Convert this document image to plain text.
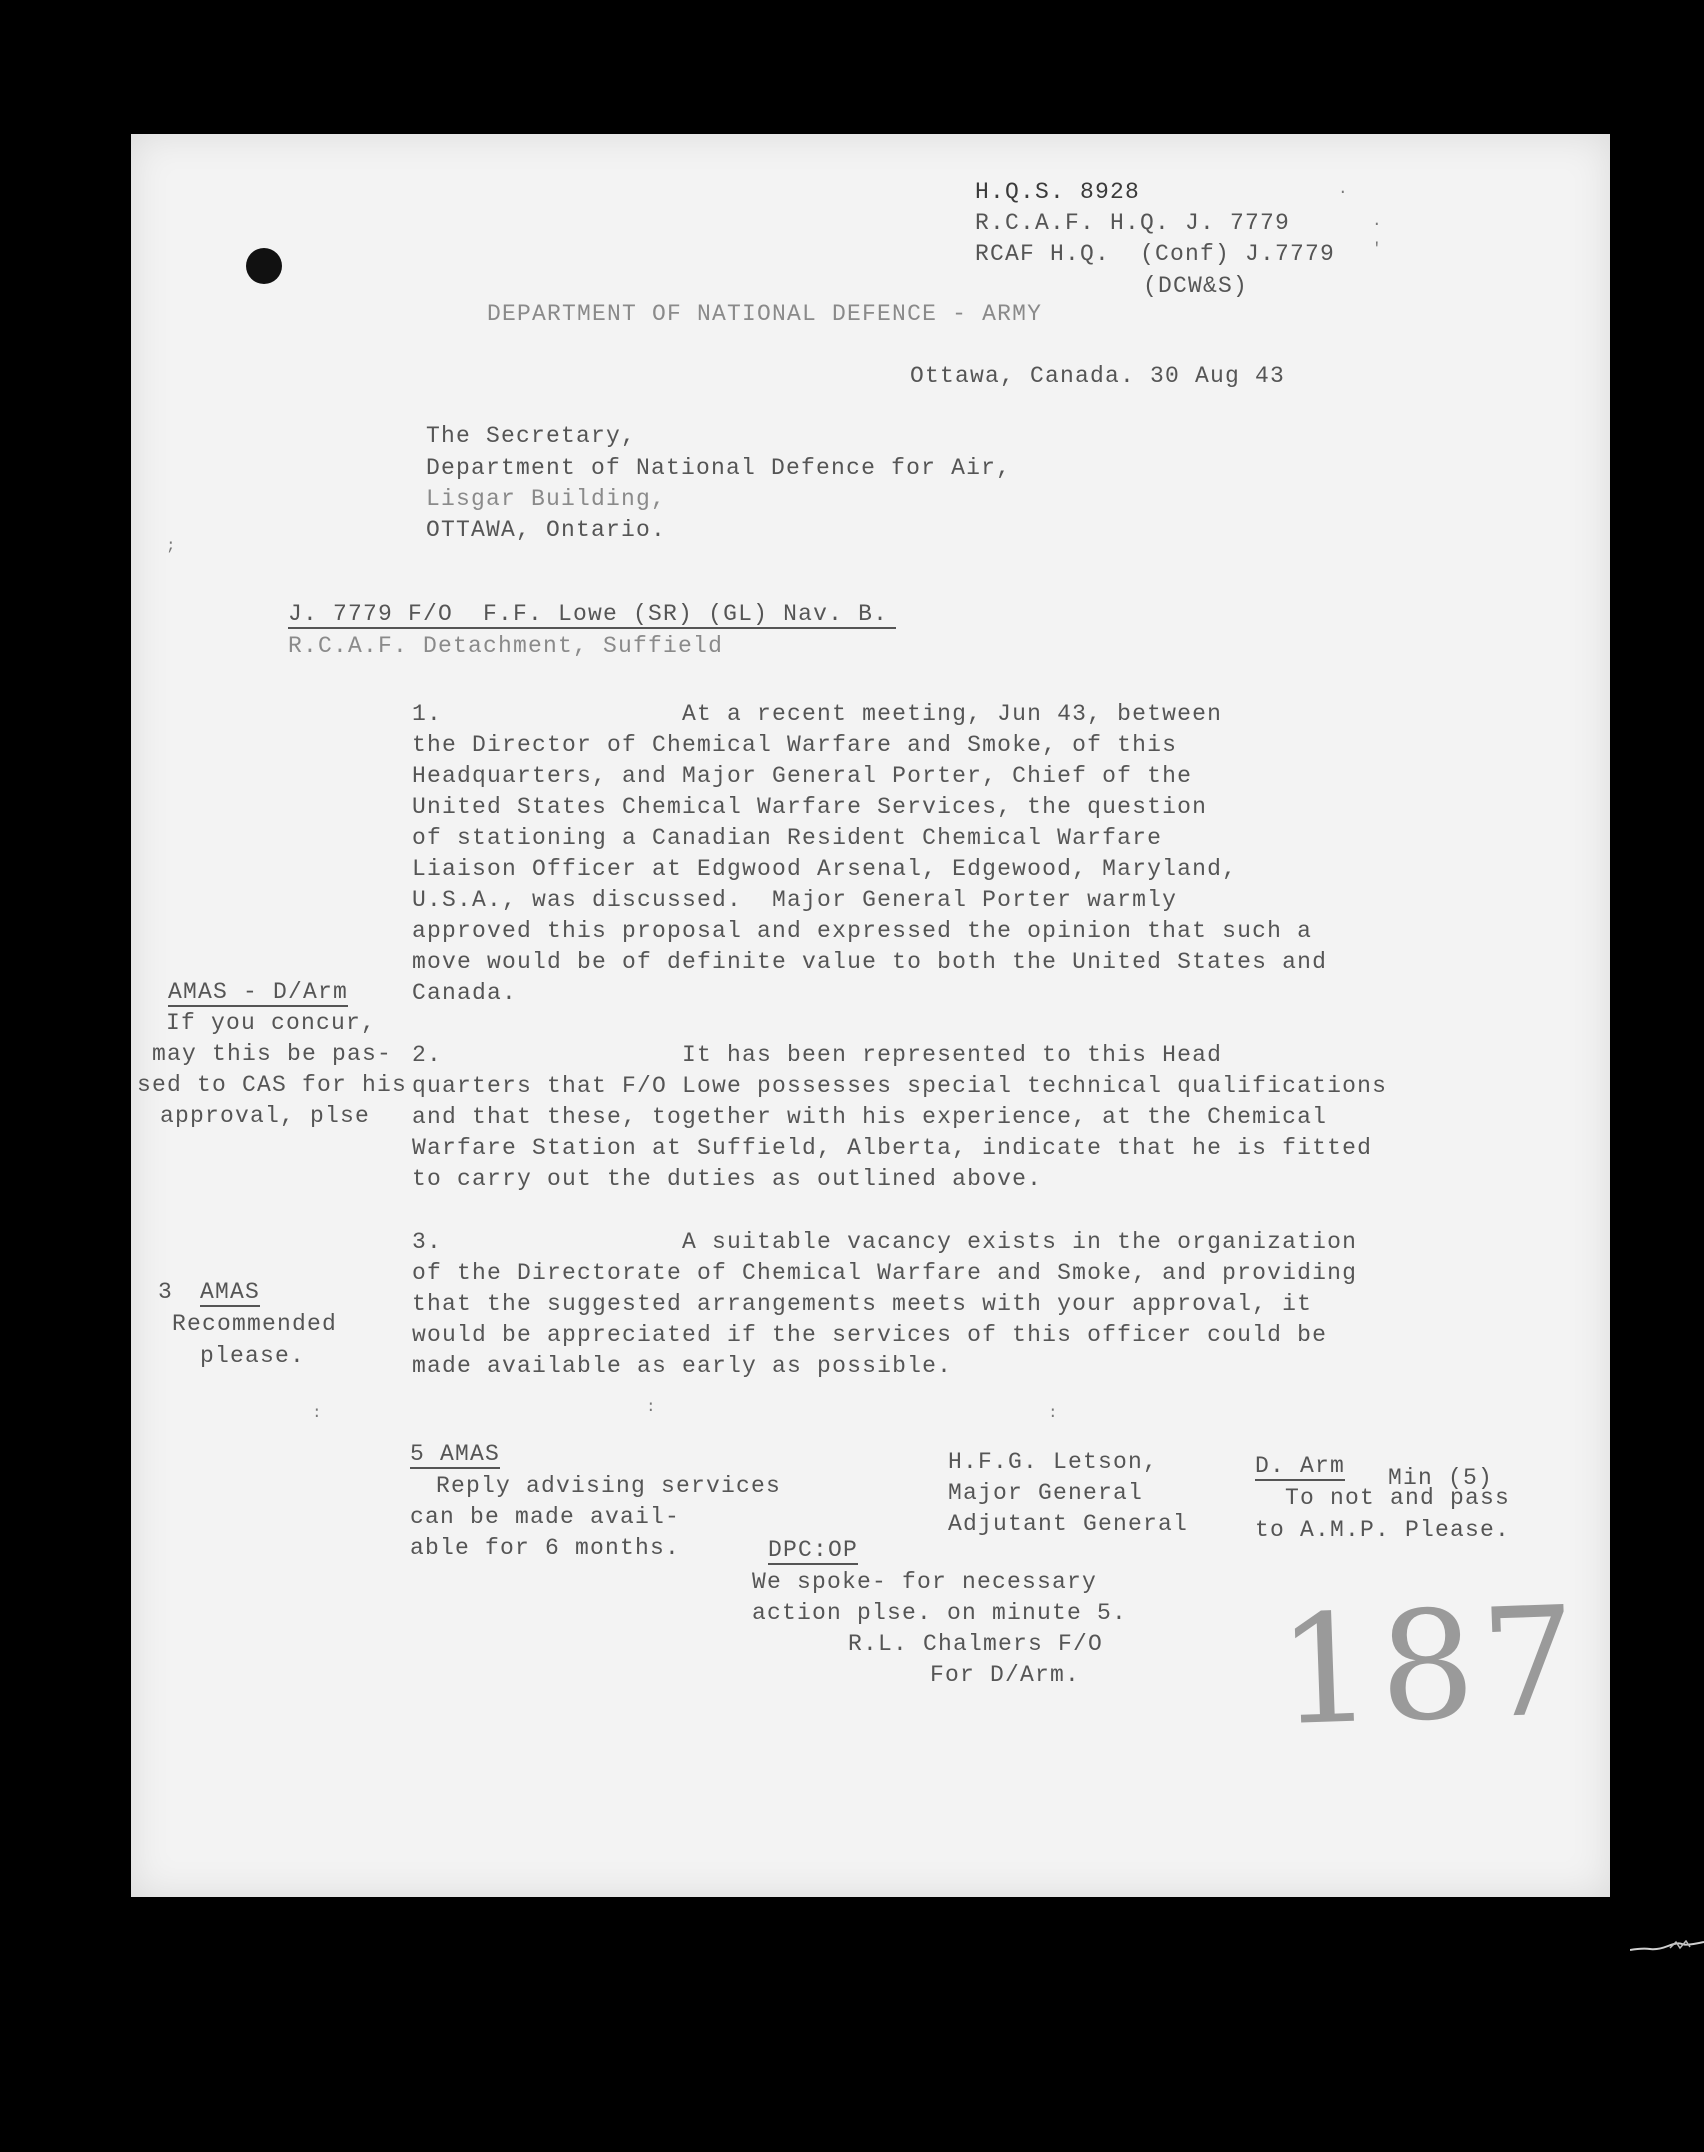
H.Q.S. 8928
R.C.A.F. H.Q. J. 7779
RCAF H.Q.  (Conf) J.7779
(DCW&S)
.
.
'
DEPARTMENT OF NATIONAL DEFENCE - ARMY
Ottawa, Canada. 30 Aug 43
The Secretary,
Department of National Defence for Air,
Lisgar Building,
OTTAWA, Ontario.
;
J. 7779 F/O  F.F. Lowe (SR) (GL) Nav. B.
R.C.A.F. Detachment, Suffield
1.                At a recent meeting, Jun 43, between
the Director of Chemical Warfare and Smoke, of this
Headquarters, and Major General Porter, Chief of the
United States Chemical Warfare Services, the question
of stationing a Canadian Resident Chemical Warfare
Liaison Officer at Edgwood Arsenal, Edgewood, Maryland,
U.S.A., was discussed.  Major General Porter warmly
approved this proposal and expressed the opinion that such a
move would be of definite value to both the United States and
Canada.
AMAS - D/Arm
If you concur,
may this be pas-
sed to CAS for his
approval, plse
2.                It has been represented to this Head
quarters that F/O Lowe possesses special technical qualifications
and that these, together with his experience, at the Chemical
Warfare Station at Suffield, Alberta, indicate that he is fitted
to carry out the duties as outlined above.
3.                A suitable vacancy exists in the organization
of the Directorate of Chemical Warfare and Smoke, and providing
that the suggested arrangements meets with your approval, it
would be appreciated if the services of this officer could be
made available as early as possible.
3 AMAS
Recommended
please.
:	:	:
5 AMAS
Reply advising services
can be made avail-
able for 6 months.
H.F.G. Letson,
Major General
Adjutant General
D. Arm Min (5)
To not and pass
to A.M.P. Please.
DPC:OP
We spoke- for necessary
action plse. on minute 5.
R.L. Chalmers F/O
For D/Arm. 187
